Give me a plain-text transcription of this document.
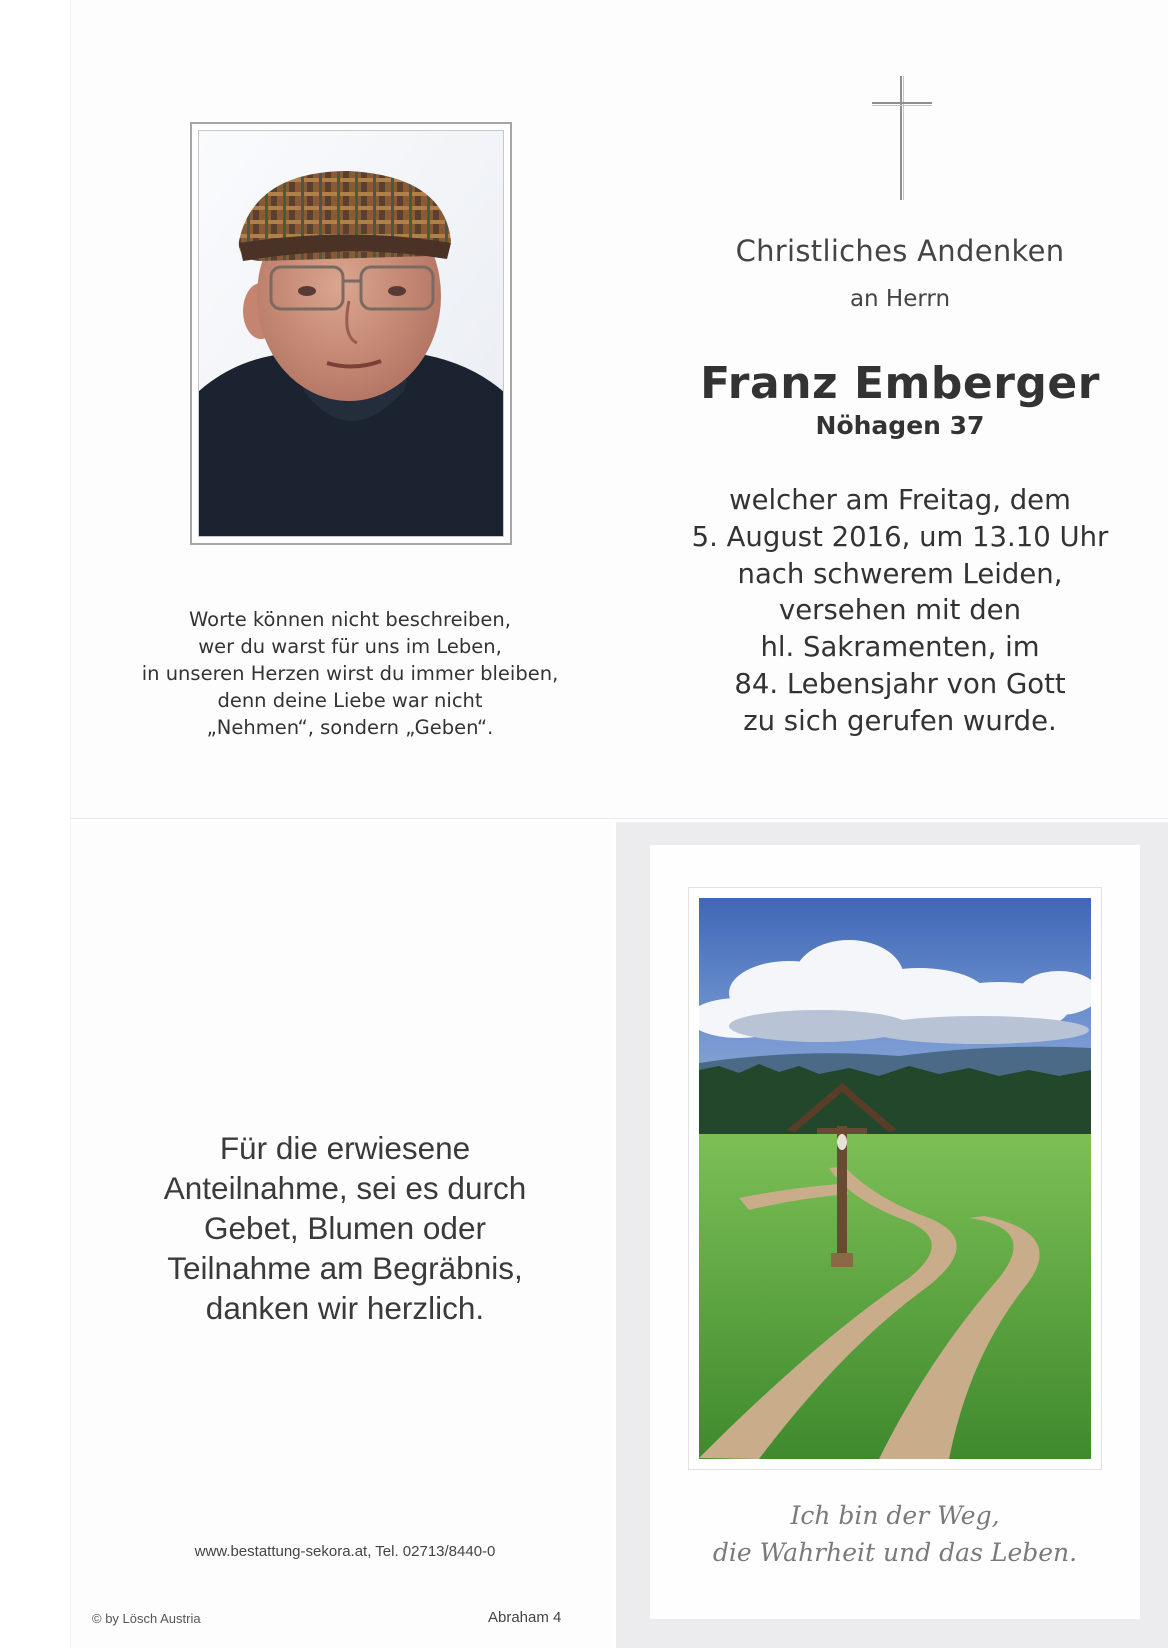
Worte können nicht beschreiben,
wer du warst für uns im Leben,
in unseren Herzen wirst du immer bleiben,
denn deine Liebe war nicht
„Nehmen“, sondern „Geben“.
Christliches Andenken
an Herrn
Franz Emberger
Nöhagen 37
welcher am Freitag, dem
5. August 2016, um 13.10 Uhr
nach schwerem Leiden,
versehen mit den
hl. Sakramenten, im
84. Lebensjahr von Gott
zu sich gerufen wurde.
Für die erwiesene
Anteilnahme, sei es durch
Gebet, Blumen oder
Teilnahme am Begräbnis,
danken wir herzlich.
www.bestattung-sekora.at, Tel. 02713/8440-0
© by Lösch Austria	Abraham 4
Ich bin der Weg,
die Wahrheit und das Leben.
